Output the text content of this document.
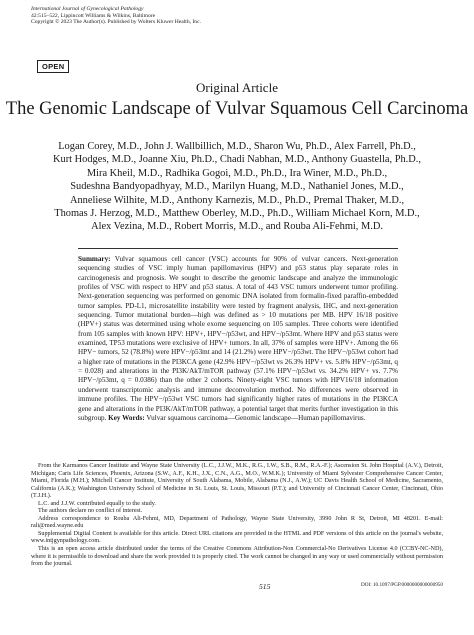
International Journal of Gynecological Pathology
42:515–522, Lippincott Williams & Wilkins, Baltimore
Copyright © 2023 The Author(s). Published by Wolters Kluwer Health, Inc.
OPEN
Original Article
The Genomic Landscape of Vulvar Squamous Cell Carcinoma
Logan Corey, M.D., John J. Wallbillich, M.D., Sharon Wu, Ph.D., Alex Farrell, Ph.D.,
Kurt Hodges, M.D., Joanne Xiu, Ph.D., Chadi Nabhan, M.D., Anthony Guastella, Ph.D.,
Mira Kheil, M.D., Radhika Gogoi, M.D., Ph.D., Ira Winer, M.D., Ph.D.,
Sudeshna Bandyopadhyay, M.D., Marilyn Huang, M.D., Nathaniel Jones, M.D.,
Anneliese Wilhite, M.D., Anthony Karnezis, M.D., Ph.D., Premal Thaker, M.D.,
Thomas J. Herzog, M.D., Matthew Oberley, M.D., Ph.D., William Michael Korn, M.D.,
Alex Vezina, M.D., Robert Morris, M.D., and Rouba Ali-Fehmi, M.D.
Summary: Vulvar squamous cell cancer (VSC) accounts for 90% of vulvar cancers. Next-generation sequencing studies of VSC imply human papillomavirus (HPV) and p53 status play separate roles in carcinogenesis and prognosis. We sought to describe the genomic landscape and analyze the immunologic profiles of VSC with respect to HPV and p53 status. A total of 443 VSC tumors underwent tumor profiling. Next-generation sequencing was performed on genomic DNA isolated from formalin-fixed paraffin-embedded tumor samples. PD-L1, microsatellite instability were tested by fragment analysis, IHC, and next-generation sequencing. Tumor mutational burden—high was defined as > 10 mutations per MB. HPV 16/18 positive (HPV+) status was determined using whole exome sequencing on 105 samples. Three cohorts were identified from 105 samples with known HPV: HPV+, HPV−/p53wt, and HPV−/p53mt. Where HPV and p53 status were examined, TP53 mutations were exclusive of HPV+ tumors. In all, 37% of samples were HPV+. Among the 66 HPV− tumors, 52 (78.8%) were HPV−/p53mt and 14 (21.2%) were HPV−/p53wt. The HPV−/p53wt cohort had a higher rate of mutations in the PI3KCA gene (42.9% HPV−/p53wt vs 26.3% HPV+ vs. 5.8% HPV−/p53mt, q = 0.028) and alterations in the PI3K/AkT/mTOR pathway (57.1% HPV−/p53wt vs. 34.2% HPV+ vs. 7.7% HPV−/p53mt, q = 0.0386) than the other 2 cohorts. Ninety-eight VSC tumors with HPV16/18 information underwent transcriptomic analysis and immune deconvolution method. No differences were observed in immune profiles. The HPV−/p53wt VSC tumors had significantly higher rates of mutations in the PI3KCA gene and alterations in the PI3K/AkT/mTOR pathway, a potential target that merits further investigation in this subgroup. Key Words: Vulvar squamous carcinoma—Genomic landscape—Human papillomavirus.

From the Karmanos Cancer Institute and Wayne State University (L.C., J.J.W., M.K., R.G., I.W., S.B., R.M., R.A.-F.); Ascension St. John Hospital (A.V.), Detroit, Michigan; Caris Life Sciences, Phoenix, Arizona (S.W., A.F., K.H., J.X., C.N., A.G., M.O., W.M.K.); University of Miami Sylvester Comprehensive Cancer Center, Miami, Florida (M.H.); Mitchell Cancer Institute, University of South Alabama, Mobile, Alabama (N.J., A.W.); UC Davis Health School of Medicine, Sacramento, California (A.K.); Washington University School of Medicine in St. Louis, St. Louis, Missouri (P.T.); and University of Cincinnati Cancer Center, Cincinnati, Ohio (T.J.H.).

L.C. and J.J.W. contributed equally to the study.

The authors declare no conflict of interest.

Address correspondence to Rouba Ali-Fehmi, MD, Department of Pathology, Wayne State University, 3990 John R St, Detroit, MI 48201. E-mail: rali@med.wayne.edu

Supplemental Digital Content is available for this article. Direct URL citations are provided in the HTML and PDF versions of this article on the journal's website, www.intjgynpathology.com.

This is an open access article distributed under the terms of the Creative Commons Attribution-Non Commercial-No Derivatives License 4.0 (CCBY-NC-ND), where it is permissible to download and share the work provided it is properly cited. The work cannot be changed in any way or used commercially without permission from the journal.

515	DOI: 10.1097/PGP.0000000000000950
